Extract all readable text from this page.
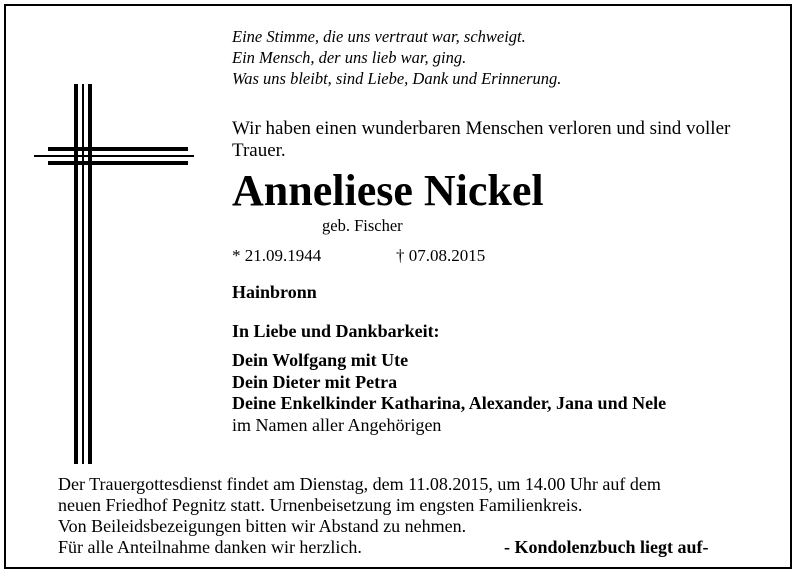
Eine Stimme, die uns vertraut war, schweigt.
Ein Mensch, der uns lieb war, ging.
Was uns bleibt, sind Liebe, Dank und Erinnerung.
Wir haben einen wunderbaren Menschen verloren und sind voller Trauer.
Anneliese Nickel
geb. Fischer
* 21.09.1944	† 07.08.2015
Hainbronn
In Liebe und Dankbarkeit:
Dein Wolfgang mit Ute
Dein Dieter mit Petra
Deine Enkelkinder Katharina, Alexander, Jana und Nele
im Namen aller Angehörigen
Der Trauergottesdienst findet am Dienstag, dem 11.08.2015, um 14.00 Uhr auf dem
neuen Friedhof Pegnitz statt. Urnenbeisetzung im engsten Familienkreis.
Von Beileidsbezeigungen bitten wir Abstand zu nehmen.
Für alle Anteilnahme danken wir herzlich.	- Kondolenzbuch liegt auf-
